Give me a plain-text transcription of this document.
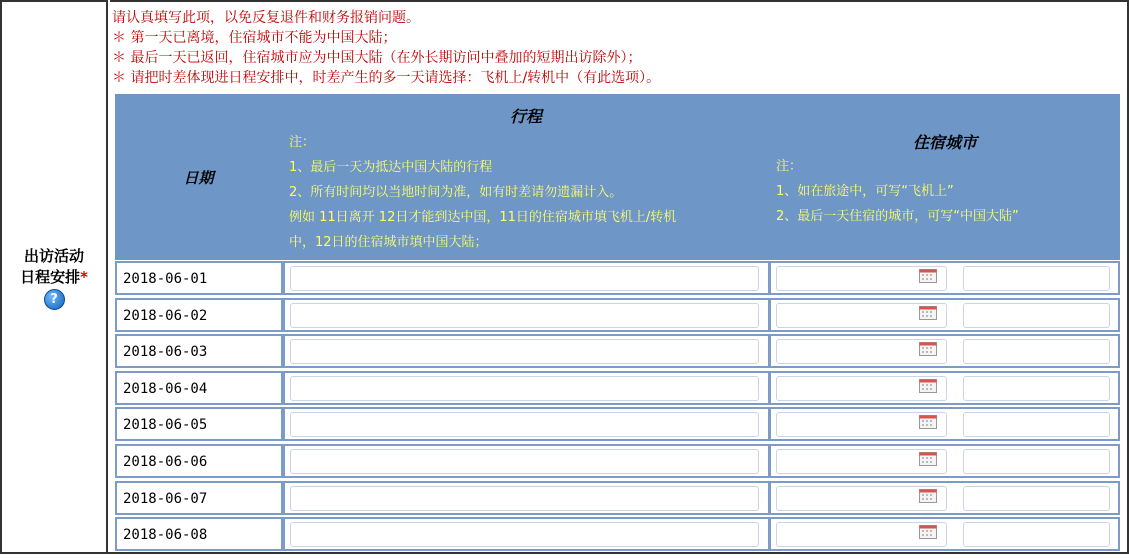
出访活动
日程安排*
?
请认真填写此项，以免反复退件和财务报销问题。
＊ 第一天已离境，住宿城市不能为中国大陆；
＊ 最后一天已返回，住宿城市应为中国大陆（在外长期访问中叠加的短期出访除外）；
＊ 请把时差体现进日程安排中，时差产生的多一天请选择：飞机上/转机中（有此选项）。
日期
行程
注：
1、最后一天为抵达中国大陆的行程
2、所有时间均以当地时间为准，如有时差请勿遗漏计入。
例如 11日离开 12日才能到达中国，11日的住宿城市填飞机上/转机
中，12日的住宿城市填中国大陆；
住宿城市
注：
1、如在旅途中，可写“飞机上”
2、最后一天住宿的城市，可写“中国大陆”
2018-06-01
2018-06-02
2018-06-03
2018-06-04
2018-06-05
2018-06-06
2018-06-07
2018-06-08
